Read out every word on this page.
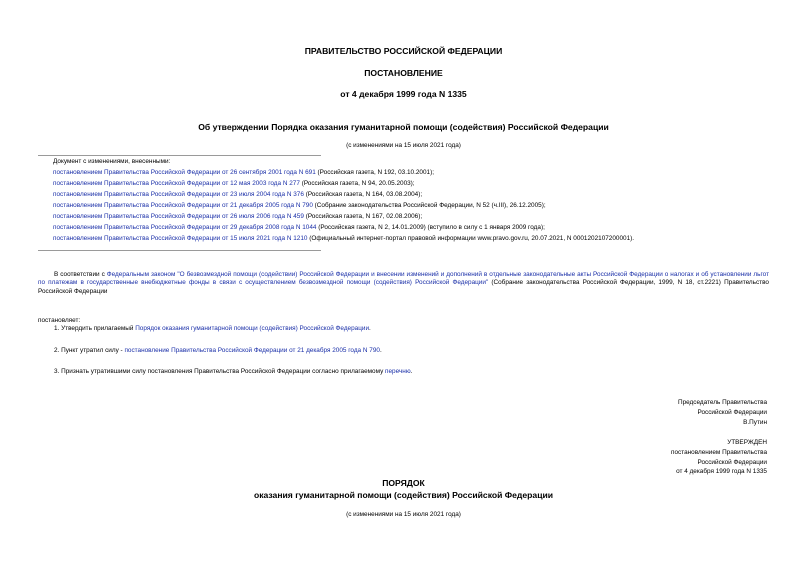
ПРАВИТЕЛЬСТВО РОССИЙСКОЙ ФЕДЕРАЦИИ
ПОСТАНОВЛЕНИЕ
от 4 декабря 1999 года N 1335
Об утверждении Порядка оказания гуманитарной помощи (содействия) Российской Федерации
(с изменениями на 15 июля 2021 года)
Документ с изменениями, внесенными:
постановлением Правительства Российской Федерации от 26 сентября 2001 года N 691 (Российская газета, N 192, 03.10.2001);
постановлением Правительства Российской Федерации от 12 мая 2003 года N 277 (Российская газета, N 94, 20.05.2003);
постановлением Правительства Российской Федерации от 23 июля 2004 года N 376 (Российская газета, N 164, 03.08.2004);
постановлением Правительства Российской Федерации от 21 декабря 2005 года N 790 (Собрание законодательства Российской Федерации, N 52 (ч.III), 26.12.2005);
постановлением Правительства Российской Федерации от 26 июля 2006 года N 459 (Российская газета, N 167, 02.08.2006);
постановлением Правительства Российской Федерации от 29 декабря 2008 года N 1044 (Российская газета, N 2, 14.01.2009) (вступило в силу с 1 января 2009 года);
постановлением Правительства Российской Федерации от 15 июля 2021 года N 1210 (Официальный интернет-портал правовой информации www.pravo.gov.ru, 20.07.2021, N 0001202107200001).
В соответствии с Федеральным законом "О безвозмездной помощи (содействии) Российской Федерации и внесении изменений и дополнений в отдельные законодательные акты Российской Федерации о налогах и об установлении льгот по платежам в государственные внебюджетные фонды в связи с осуществлением безвозмездной помощи (содействия) Российской Федерации" (Собрание законодательства Российской Федерации, 1999, N 18, ст.2221) Правительство Российской Федерации
постановляет:
1. Утвердить прилагаемый Порядок оказания гуманитарной помощи (содействия) Российской Федерации.
2. Пункт утратил силу - постановление Правительства Российской Федерации от 21 декабря 2005 года N 790.
3. Признать утратившими силу постановления Правительства Российской Федерации согласно прилагаемому перечню.
Председатель Правительства
Российской Федерации
В.Путин
УТВЕРЖДЕН
постановлением Правительства
Российской Федерации
от 4 декабря 1999 года N 1335
ПОРЯДОК
оказания гуманитарной помощи (содействия) Российской Федерации
(с изменениями на 15 июля 2021 года)
